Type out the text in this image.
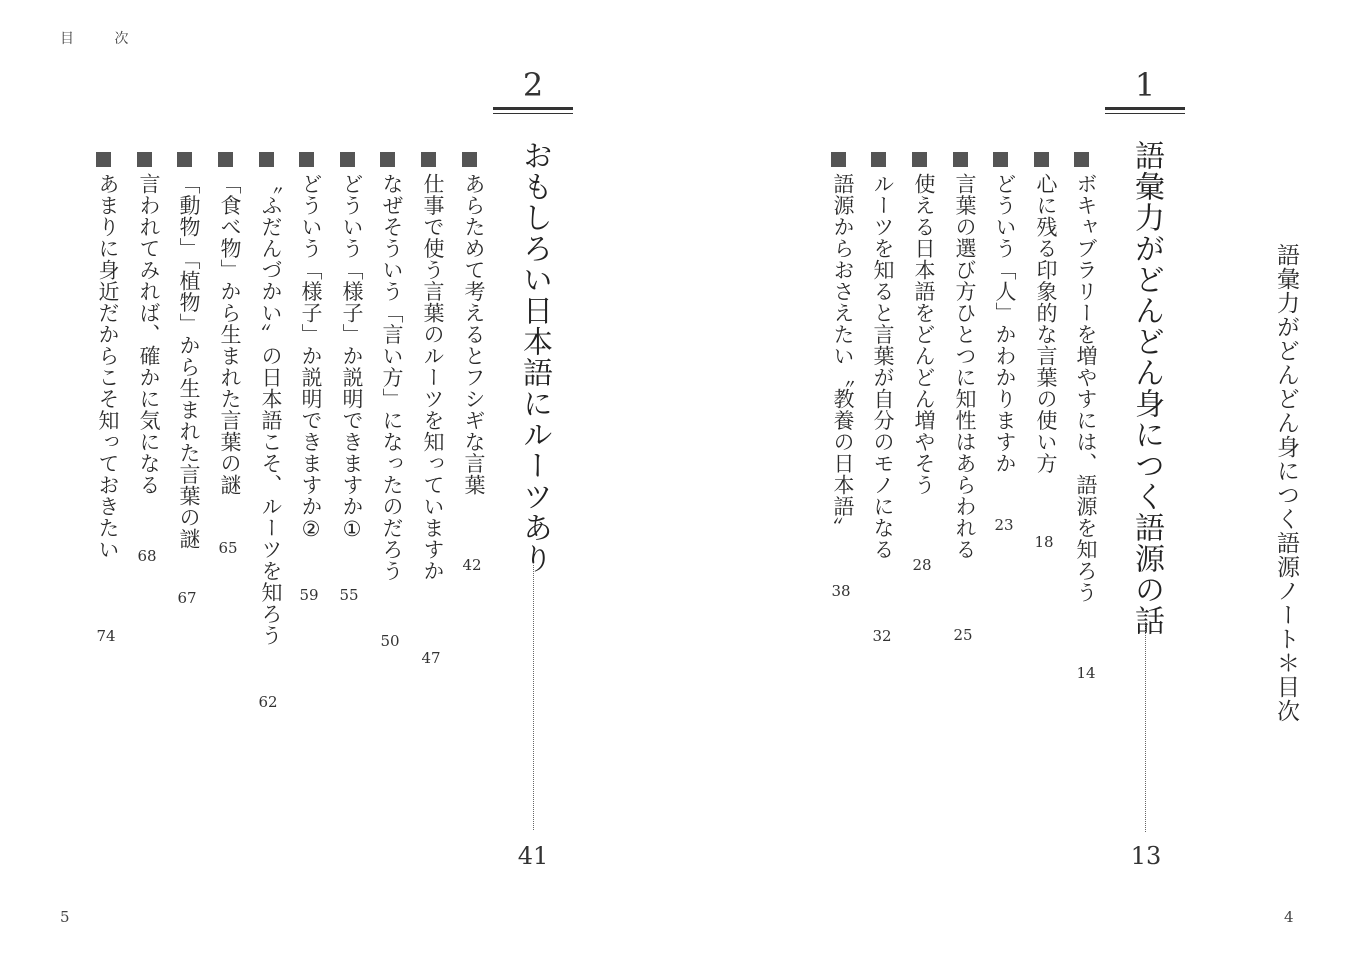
目 次
5	4
語彙力がどんどん身につく語源ノート＊目次
1
語彙力がどんどん身につく語源の話
13
ボキャブラリーを増やすには、語源を知ろう
14
心に残る印象的な言葉の使い方
18
どういう「人」かわかりますか
23
言葉の選び方ひとつに知性はあらわれる
25
使える日本語をどんどん増やそう
28
ルーツを知ると言葉が自分のモノになる
32
語源からおさえたい〝教養の日本語〟
38
2
おもしろい日本語にルーツあり
41
あらためて考えるとフシギな言葉
42
仕事で使う言葉のルーツを知っていますか
47
なぜそういう「言い方」になったのだろう
50
どういう「様子」か説明できますか①
55
どういう「様子」か説明できますか②
59
〝ふだんづかい〟の日本語こそ、ルーツを知ろう
62
「食べ物」から生まれた言葉の謎
65
「動物」「植物」から生まれた言葉の謎
67
言われてみれば、確かに気になる
68
あまりに身近だからこそ知っておきたい
74
